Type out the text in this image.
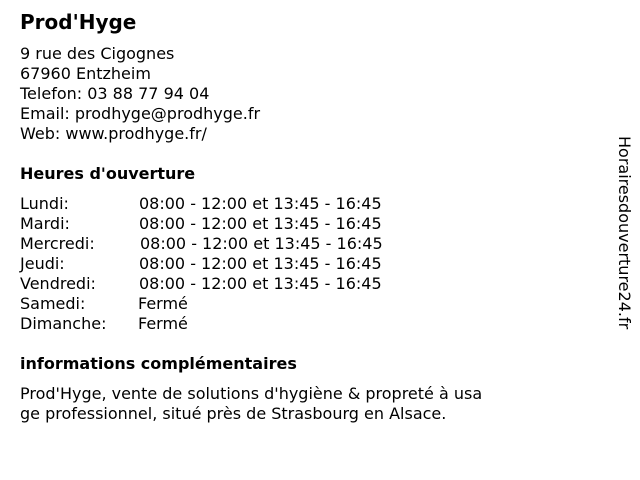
Prod'Hyge
9 rue des Cigognes
67960 Entzheim
Telefon: 03 88 77 94 04
Email: prodhyge@prodhyge.fr
Web: www.prodhyge.fr/
Heures d'ouverture
Lundi:	08:00 - 12:00 et 13:45 - 16:45
Mardi:	08:00 - 12:00 et 13:45 - 16:45
Mercredi:	08:00 - 12:00 et 13:45 - 16:45
Jeudi:	08:00 - 12:00 et 13:45 - 16:45
Vendredi:	08:00 - 12:00 et 13:45 - 16:45
Samedi:	Fermé
Dimanche: Fermé
informations complémentaires
Prod'Hyge, vente de solutions d'hygiène & propreté à usa
ge professionnel, situé près de Strasbourg en Alsace.
Horairesdouverture24.fr
